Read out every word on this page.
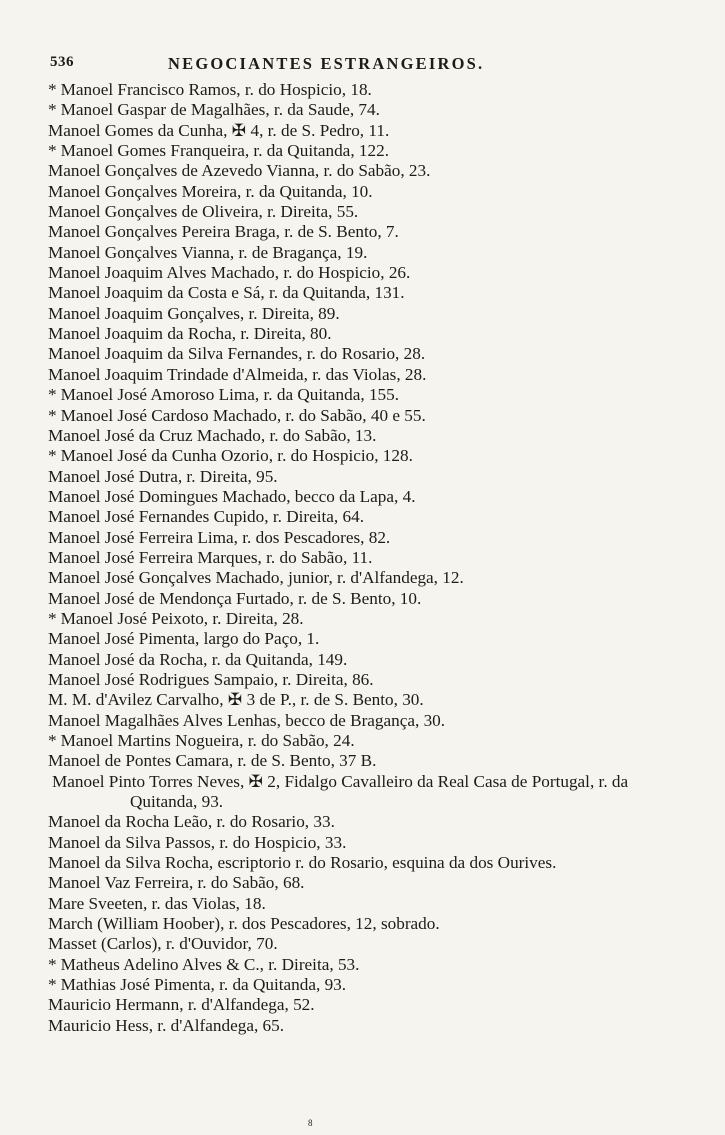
536	NEGOCIANTES ESTRANGEIROS.
* Manoel Francisco Ramos, r. do Hospicio, 18.
* Manoel Gaspar de Magalhães, r. da Saude, 74.
Manoel Gomes da Cunha, ✠ 4, r. de S. Pedro, 11.
* Manoel Gomes Franqueira, r. da Quitanda, 122.
Manoel Gonçalves de Azevedo Vianna, r. do Sabão, 23.
Manoel Gonçalves Moreira, r. da Quitanda, 10.
Manoel Gonçalves de Oliveira, r. Direita, 55.
Manoel Gonçalves Pereira Braga, r. de S. Bento, 7.
Manoel Gonçalves Vianna, r. de Bragança, 19.
Manoel Joaquim Alves Machado, r. do Hospicio, 26.
Manoel Joaquim da Costa e Sá, r. da Quitanda, 131.
Manoel Joaquim Gonçalves, r. Direita, 89.
Manoel Joaquim da Rocha, r. Direita, 80.
Manoel Joaquim da Silva Fernandes, r. do Rosario, 28.
Manoel Joaquim Trindade d'Almeida, r. das Violas, 28.
* Manoel José Amoroso Lima, r. da Quitanda, 155.
* Manoel José Cardoso Machado, r. do Sabão, 40 e 55.
Manoel José da Cruz Machado, r. do Sabão, 13.
* Manoel José da Cunha Ozorio, r. do Hospicio, 128.
Manoel José Dutra, r. Direita, 95.
Manoel José Domingues Machado, becco da Lapa, 4.
Manoel José Fernandes Cupido, r. Direita, 64.
Manoel José Ferreira Lima, r. dos Pescadores, 82.
Manoel José Ferreira Marques, r. do Sabão, 11.
Manoel José Gonçalves Machado, junior, r. d'Alfandega, 12.
Manoel José de Mendonça Furtado, r. de S. Bento, 10.
* Manoel José Peixoto, r. Direita, 28.
Manoel José Pimenta, largo do Paço, 1.
Manoel José da Rocha, r. da Quitanda, 149.
Manoel José Rodrigues Sampaio, r. Direita, 86.
M. M. d'Avilez Carvalho, ✠ 3 de P., r. de S. Bento, 30.
Manoel Magalhães Alves Lenhas, becco de Bragança, 30.
* Manoel Martins Nogueira, r. do Sabão, 24.
Manoel de Pontes Camara, r. de S. Bento, 37 B.
Manoel Pinto Torres Neves, ✠ 2, Fidalgo Cavalleiro da Real Casa de Portugal, r. da Quitanda, 93.
Manoel da Rocha Leão, r. do Rosario, 33.
Manoel da Silva Passos, r. do Hospicio, 33.
Manoel da Silva Rocha, escriptorio r. do Rosario, esquina da dos Ourives.
Manoel Vaz Ferreira, r. do Sabão, 68.
Mare Sveeten, r. das Violas, 18.
March (William Hoober), r. dos Pescadores, 12, sobrado.
Masset (Carlos), r. d'Ouvidor, 70.
* Matheus Adelino Alves & C., r. Direita, 53.
* Mathias José Pimenta, r. da Quitanda, 93.
Mauricio Hermann, r. d'Alfandega, 52.
Mauricio Hess, r. d'Alfandega, 65.
8
